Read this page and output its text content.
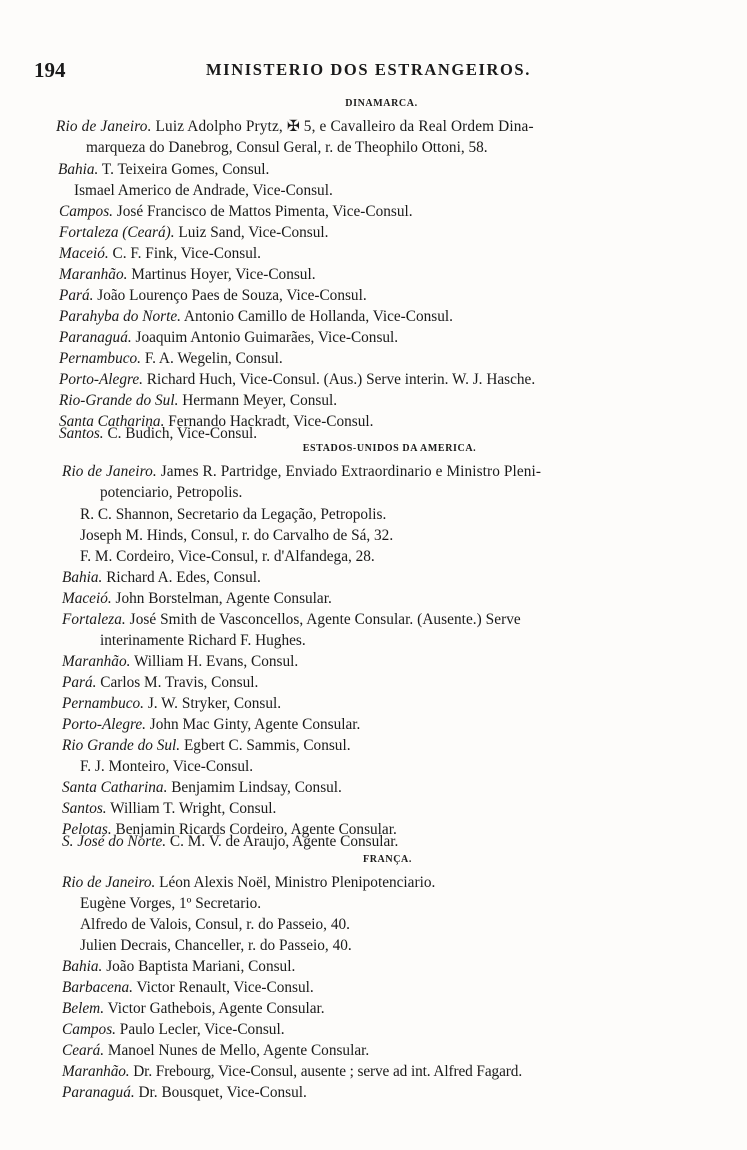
194	MINISTERIO DOS ESTRANGEIROS.
DINAMARCA.
Rio de Janeiro. Luiz Adolpho Prytz, ✠ 5, e Cavalleiro da Real Ordem Dina-
marqueza do Danebrog, Consul Geral, r. de Theophilo Ottoni, 58.
Bahia. T. Teixeira Gomes, Consul.
Ismael Americo de Andrade, Vice-Consul.
Campos. José Francisco de Mattos Pimenta, Vice-Consul.
Fortaleza (Ceará). Luiz Sand, Vice-Consul.
Maceió. C. F. Fink, Vice-Consul.
Maranhão. Martinus Hoyer, Vice-Consul.
Pará. João Lourenço Paes de Souza, Vice-Consul.
Parahyba do Norte. Antonio Camillo de Hollanda, Vice-Consul.
Paranaguá. Joaquim Antonio Guimarães, Vice-Consul.
Pernambuco. F. A. Wegelin, Consul.
Porto-Alegre. Richard Huch, Vice-Consul. (Aus.) Serve interin. W. J. Hasche.
Rio-Grande do Sul. Hermann Meyer, Consul.
Santa Catharina. Fernando Hackradt, Vice-Consul.
Santos. C. Budich, Vice-Consul.
ESTADOS-UNIDOS DA AMERICA.
Rio de Janeiro. James R. Partridge, Enviado Extraordinario e Ministro Pleni-
potenciario, Petropolis.
R. C. Shannon, Secretario da Legação, Petropolis.
Joseph M. Hinds, Consul, r. do Carvalho de Sá, 32.
F. M. Cordeiro, Vice-Consul, r. d'Alfandega, 28.
Bahia. Richard A. Edes, Consul.
Maceió. John Borstelman, Agente Consular.
Fortaleza. José Smith de Vasconcellos, Agente Consular. (Ausente.) Serve
interinamente Richard F. Hughes.
Maranhão. William H. Evans, Consul.
Pará. Carlos M. Travis, Consul.
Pernambuco. J. W. Stryker, Consul.
Porto-Alegre. John Mac Ginty, Agente Consular.
Rio Grande do Sul. Egbert C. Sammis, Consul.
F. J. Monteiro, Vice-Consul.
Santa Catharina. Benjamim Lindsay, Consul.
Santos. William T. Wright, Consul.
Pelotas. Benjamin Ricards Cordeiro, Agente Consular.
S. José do Norte. C. M. V. de Araujo, Agente Consular.
FRANÇA.
Rio de Janeiro. Léon Alexis Noël, Ministro Plenipotenciario.
Eugène Vorges, 1º Secretario.
Alfredo de Valois, Consul, r. do Passeio, 40.
Julien Decrais, Chanceller, r. do Passeio, 40.
Bahia. João Baptista Mariani, Consul.
Barbacena. Victor Renault, Vice-Consul.
Belem. Victor Gathebois, Agente Consular.
Campos. Paulo Lecler, Vice-Consul.
Ceará. Manoel Nunes de Mello, Agente Consular.
Maranhão. Dr. Frebourg, Vice-Consul, ausente ; serve ad int. Alfred Fagard.
Paranaguá. Dr. Bousquet, Vice-Consul.
